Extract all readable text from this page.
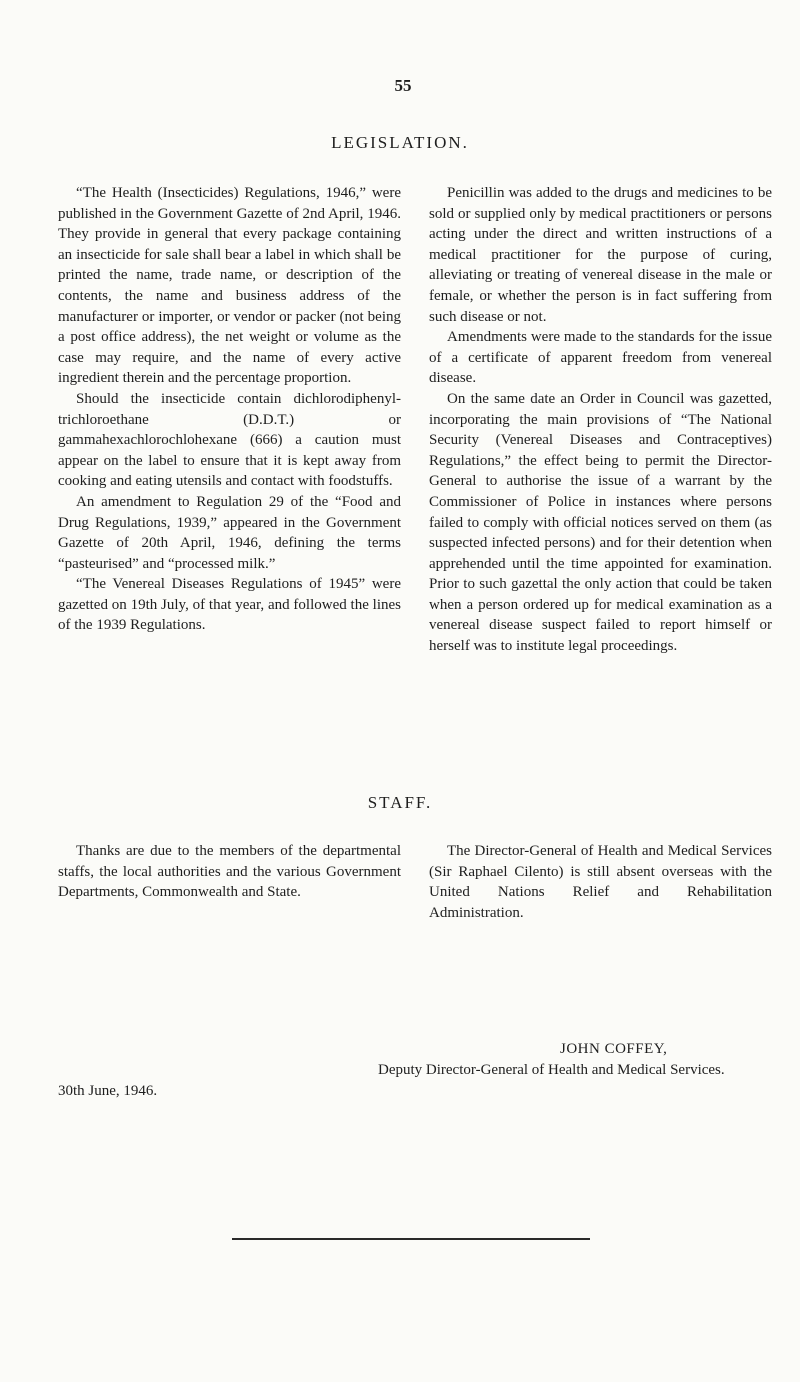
55
LEGISLATION.

“The Health (Insecticides) Regulations, 1946,” were published in the Government Gazette of 2nd April, 1946. They provide in general that every package containing an insecticide for sale shall bear a label in which shall be printed the name, trade name, or description of the contents, the name and business address of the manufacturer or importer, or vendor or packer (not being a post office address), the net weight or volume as the case may require, and the name of every active ingredient therein and the percentage proportion.

Should the insecticide contain dichlorodiphenyl-trichloroethane (D.D.T.) or gammahexachlorochlohexane (666) a caution must appear on the label to ensure that it is kept away from cooking and eating utensils and contact with foodstuffs.

An amendment to Regulation 29 of the “Food and Drug Regulations, 1939,” appeared in the Government Gazette of 20th April, 1946, defining the terms “pasteurised” and “processed milk.”

“The Venereal Diseases Regulations of 1945” were gazetted on 19th July, of that year, and followed the lines of the 1939 Regulations.

Penicillin was added to the drugs and medicines to be sold or supplied only by medical practitioners or persons acting under the direct and written instructions of a medical practitioner for the purpose of curing, alleviating or treating of venereal disease in the male or female, or whether the person is in fact suffering from such disease or not.

Amendments were made to the standards for the issue of a certificate of apparent freedom from venereal disease.

On the same date an Order in Council was gazetted, incorporating the main provisions of “The National Security (Venereal Diseases and Contraceptives) Regulations,” the effect being to permit the Director-General to authorise the issue of a warrant by the Commissioner of Police in instances where persons failed to comply with official notices served on them (as suspected infected persons) and for their detention when apprehended until the time appointed for examination. Prior to such gazettal the only action that could be taken when a person ordered up for medical examination as a venereal disease suspect failed to report himself or herself was to institute legal proceedings.

STAFF.

Thanks are due to the members of the departmental staffs, the local authorities and the various Government Departments, Commonwealth and State.

The Director-General of Health and Medical Services (Sir Raphael Cilento) is still absent overseas with the United Nations Relief and Rehabilitation Administration.

JOHN COFFEY,
Deputy Director-General of Health and Medical Services.
30th June, 1946.
